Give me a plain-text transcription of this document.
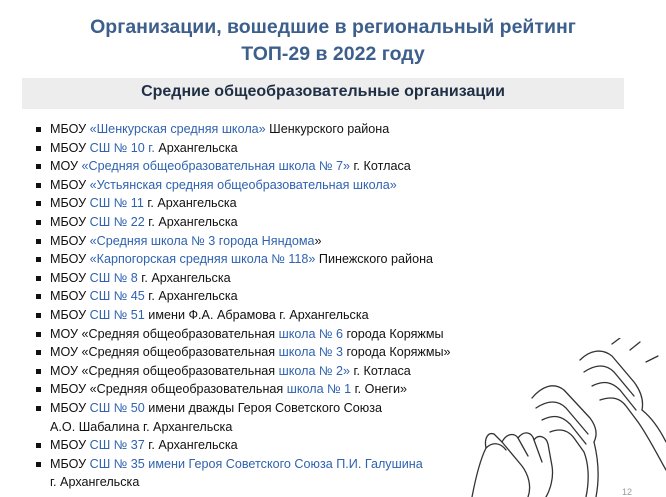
Организации, вошедшие в региональный рейтинг
ТОП-29 в 2022 году
Средние общеобразовательные организации
МБОУ «Шенкурская средняя школа» Шенкурского района
МБОУ СШ № 10 г. Архангельска
МОУ «Средняя общеобразовательная школа № 7» г. Котласа
МБОУ «Устьянская средняя общеобразовательная школа»
МБОУ СШ № 11 г. Архангельска
МБОУ СШ № 22 г. Архангельска
МБОУ «Средняя школа № 3 города Няндома»
МБОУ «Карпогорская средняя школа № 118» Пинежского района
МБОУ СШ № 8 г. Архангельска
МБОУ СШ № 45 г. Архангельска
МБОУ СШ № 51 имени Ф.А. Абрамова г. Архангельска
МОУ «Средняя общеобразовательная школа № 6 города Коряжмы
МОУ «Средняя общеобразовательная школа № 3 города Коряжмы»
МОУ «Средняя общеобразовательная школа № 2» г. Котласа
МБОУ «Средняя общеобразовательная школа № 1 г. Онеги»
МБОУ СШ № 50 имени дважды Героя Советского Союза
А.О. Шабалина г. Архангельска
МБОУ СШ № 37 г. Архангельска
МБОУ СШ № 35 имени Героя Советского Союза П.И. Галушина
г. Архангельска
12
